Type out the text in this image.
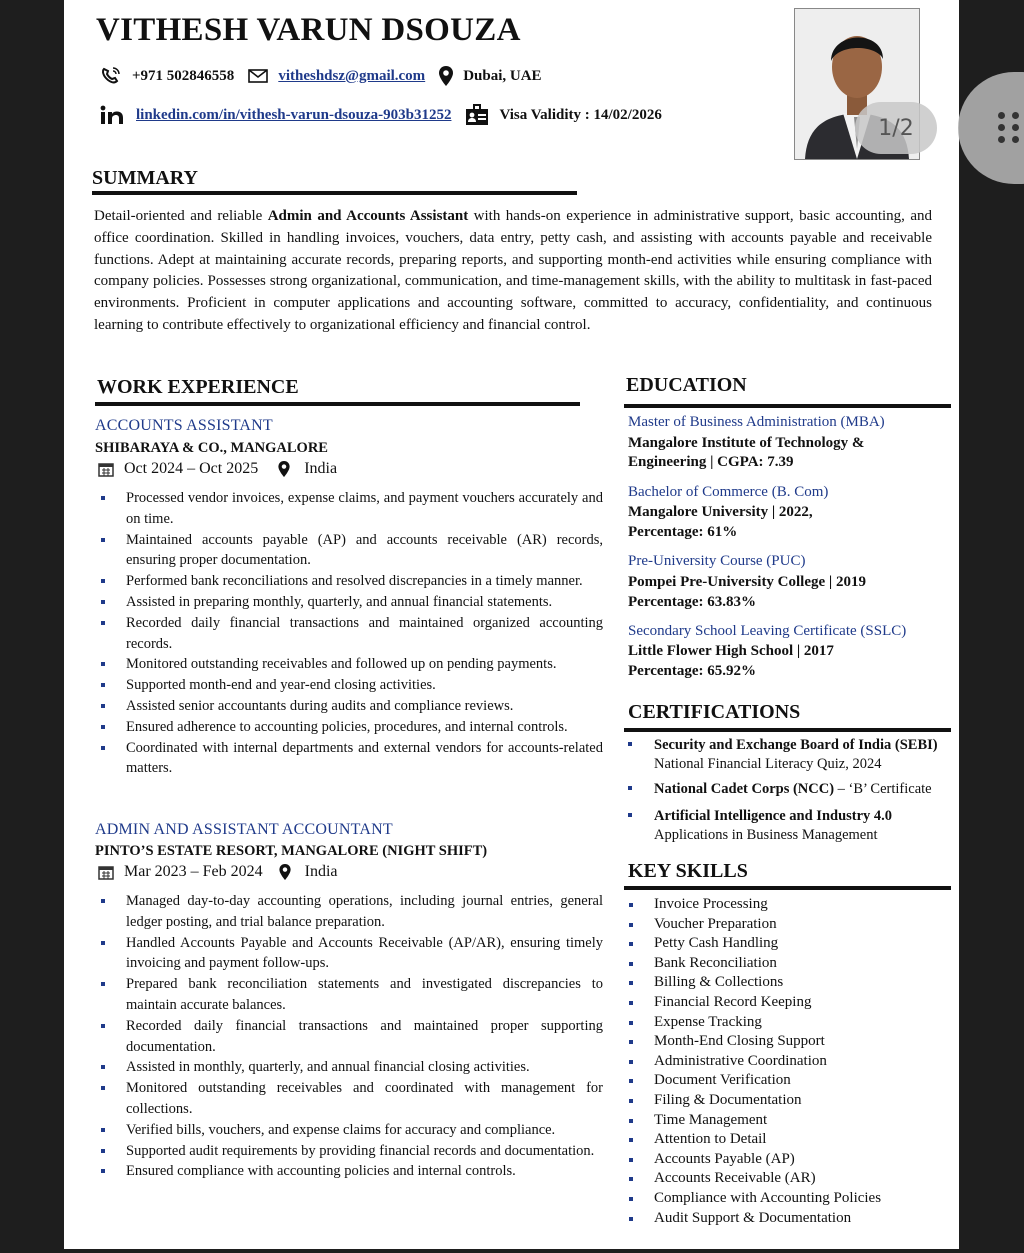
VITHESH VARUN DSOUZA
+971 502846558	vitheshdsz@gmail.com	Dubai, UAE
linkedin.com/in/vithesh-varun-dsouza-903b31252	Visa Validity : 14/02/2026
SUMMARY

Detail-oriented and reliable Admin and Accounts Assistant with hands-on experience in administrative support, basic accounting, and office coordination. Skilled in handling invoices, vouchers, data entry, petty cash, and assisting with accounts payable and receivable functions. Adept at maintaining accurate records, preparing reports, and supporting month-end activities while ensuring compliance with company policies. Possesses strong organizational, communication, and time-management skills, with the ability to multitask in fast-paced environments. Proficient in computer applications and accounting software, committed to accuracy, confidentiality, and continuous learning to contribute effectively to organizational efficiency and financial control.

WORK EXPERIENCE
ACCOUNTS ASSISTANT
SHIBARAYA & CO., MANGALORE
Oct 2024 – Oct 2025	India
Processed vendor invoices, expense claims, and payment vouchers accurately and on time.
Maintained accounts payable (AP) and accounts receivable (AR) records, ensuring proper documentation.
Performed bank reconciliations and resolved discrepancies in a timely manner.
Assisted in preparing monthly, quarterly, and annual financial statements.
Recorded daily financial transactions and maintained organized accounting records.
Monitored outstanding receivables and followed up on pending payments.
Supported month-end and year-end closing activities.
Assisted senior accountants during audits and compliance reviews.
Ensured adherence to accounting policies, procedures, and internal controls.
Coordinated with internal departments and external vendors for accounts-related matters.
ADMIN AND ASSISTANT ACCOUNTANT
PINTO’S ESTATE RESORT, MANGALORE (NIGHT SHIFT)
Mar 2023 – Feb 2024	India
Managed day-to-day accounting operations, including journal entries, general ledger posting, and trial balance preparation.
Handled Accounts Payable and Accounts Receivable (AP/AR), ensuring timely invoicing and payment follow-ups.
Prepared bank reconciliation statements and investigated discrepancies to maintain accurate balances.
Recorded daily financial transactions and maintained proper supporting documentation.
Assisted in monthly, quarterly, and annual financial closing activities.
Monitored outstanding receivables and coordinated with management for collections.
Verified bills, vouchers, and expense claims for accuracy and compliance.
Supported audit requirements by providing financial records and documentation.
Ensured compliance with accounting policies and internal controls.
EDUCATION
Master of Business Administration (MBA)
Mangalore Institute of Technology &
Engineering | CGPA: 7.39
Bachelor of Commerce (B. Com)
Mangalore University | 2022,
Percentage: 61%
Pre-University Course (PUC)
Pompei Pre-University College | 2019
Percentage: 63.83%
Secondary School Leaving Certificate (SSLC)
Little Flower High School | 2017
Percentage: 65.92%
CERTIFICATIONS
Security and Exchange Board of India (SEBI)
National Financial Literacy Quiz, 2024
National Cadet Corps (NCC) – ‘B’ Certificate
Artificial Intelligence and Industry 4.0
Applications in Business Management
KEY SKILLS
Invoice Processing
Voucher Preparation
Petty Cash Handling
Bank Reconciliation
Billing & Collections
Financial Record Keeping
Expense Tracking
Month-End Closing Support
Administrative Coordination
Document Verification
Filing & Documentation
Time Management
Attention to Detail
Accounts Payable (AP)
Accounts Receivable (AR)
Compliance with Accounting Policies
Audit Support & Documentation
1/2
